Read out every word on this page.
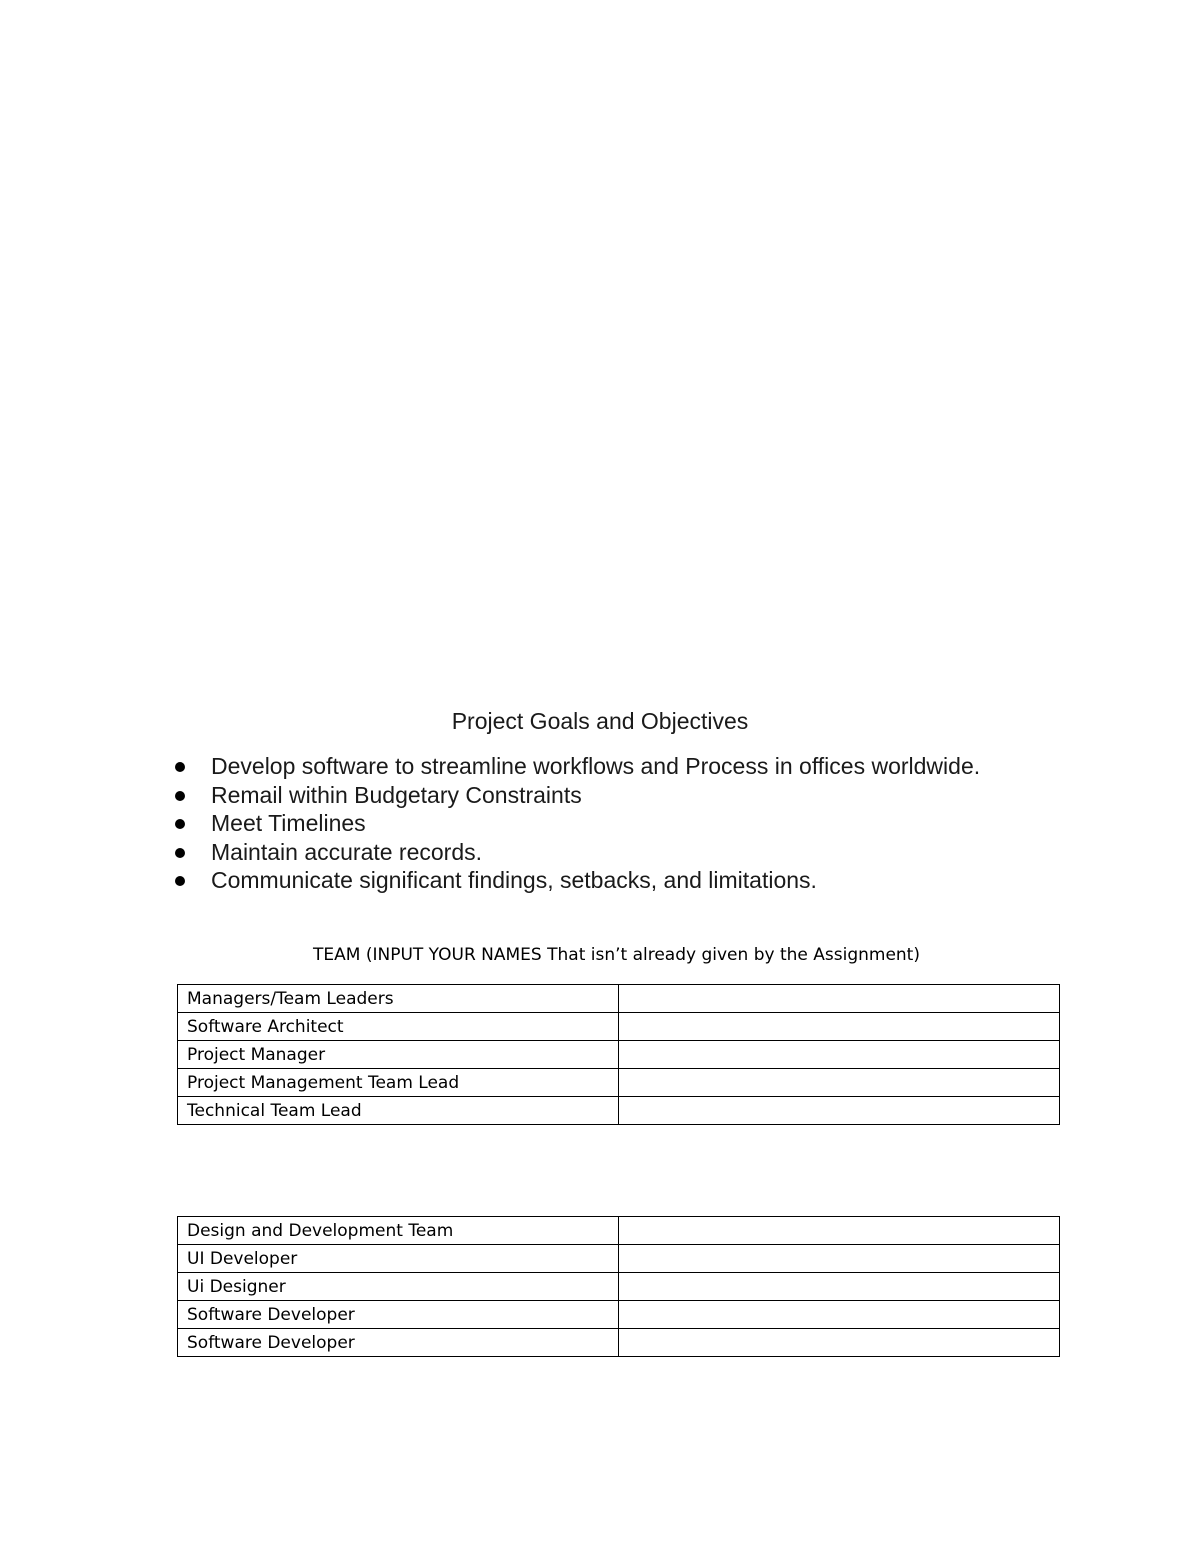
Project Goals and Objectives
Develop software to streamline workflows and Process in offices worldwide.
Remail within Budgetary Constraints
Meet Timelines
Maintain accurate records.
Communicate significant findings, setbacks, and limitations.
TEAM (INPUT YOUR NAMES That isn’t already given by the Assignment)
Managers/Team Leaders	
Software Architect	
Project Manager	
Project Management Team Lead	
Technical Team Lead	
Design and Development Team	
UI Developer	
Ui Designer	
Software Developer	
Software Developer	
